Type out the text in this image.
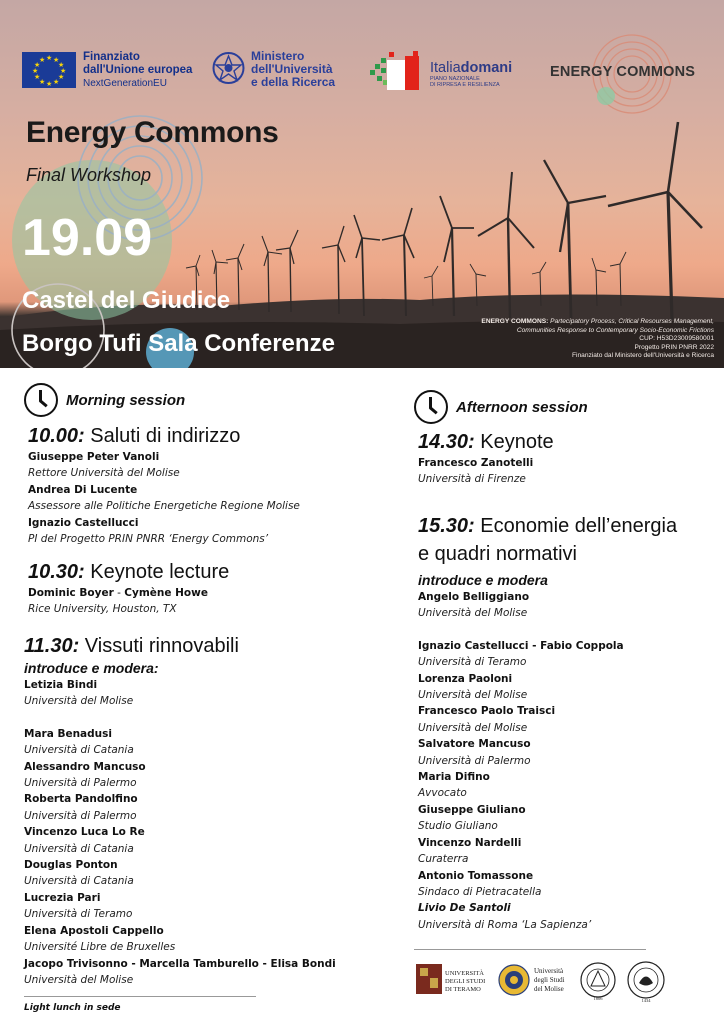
★ ★
★
★
★
★
★
★
★
★
★
★	Finanziato
dall'Unione europea
NextGenerationEU
Ministero
dell'Università
e della Ricerca
Italiadomani
PIANO NAZIONALE
DI RIPRESA E RESILIENZA
ENERGY COMMONS
Energy Commons
Final Workshop
19.09
Castel del Giudice
Borgo Tufi Sala Conferenze
ENERGY COMMONS: Partecipatory Process, Critical Resourses Management,
Communities Response to Contemporary Socio-Economic Frictions
CUP: H53D23009580001
Progetto PRIN PNRR 2022
Finanziato dal Ministero dell'Università e Ricerca
Morning session
10.00: Saluti di indirizzo
Giuseppe Peter Vanoli
Rettore Università del Molise
Andrea Di Lucente
Assessore alle Politiche Energetiche Regione Molise
Ignazio Castellucci
PI del Progetto PRIN PNRR ‘Energy Commons’
10.30: Keynote lecture
Dominic Boyer - Cymène Howe
Rice University, Houston, TX
11.30: Vissuti rinnovabili
introduce e modera:
Letizia Bindi
Università del Molise
Mara Benadusi
Università di Catania
Alessandro Mancuso
Università di Palermo
Roberta Pandolfino
Università di Palermo
Vincenzo Luca Lo Re
Università di Catania
Douglas Ponton
Università di Catania
Lucrezia Pari
Università di Teramo
Elena Apostoli Cappello
Université Libre de Bruxelles
Jacopo Trivisonno - Marcella Tamburello - Elisa Bondi
Università del Molise
Light lunch in sede
Afternoon session
14.30: Keynote
Francesco Zanotelli
Università di Firenze
15.30: Economie dell’energia
e quadri normativi
introduce e modera
Angelo Belliggiano
Università del Molise
Ignazio Castellucci - Fabio Coppola
Università di Teramo
Lorenza Paoloni
Università del Molise
Francesco Paolo Traisci
Università del Molise
Salvatore Mancuso
Università di Palermo
Maria Difino
Avvocato
Giuseppe Giuliano
Studio Giuliano
Vincenzo Nardelli
Curaterra
Antonio Tomassone
Sindaco di Pietracatella
Livio De Santoli
Università di Roma ‘La Sapienza’
UNIVERSITÀ
DEGLI STUDI
DI TERAMO
Università
degli Studi
del Molise
1806	1434
